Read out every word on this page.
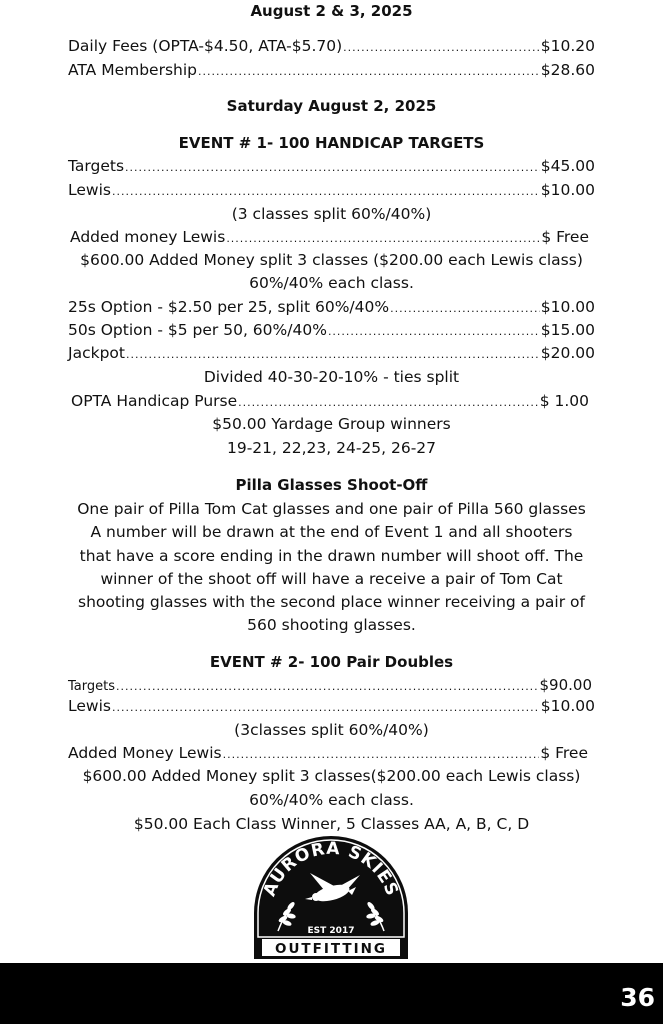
August 2 & 3, 2025
Daily Fees (OPTA-$4.50, ATA-$5.70) .....	$10.20
ATA Membership .....	$28.60
Saturday August 2, 2025
EVENT # 1- 100 HANDICAP TARGETS
Targets .....	$45.00
Lewis .....	$10.00
(3 classes split 60%/40%)
Added money Lewis .....	$ Free
$600.00 Added Money split 3 classes ($200.00 each Lewis class)
60%/40% each class.
25s Option - $2.50 per 25, split 60%/40% .....	$10.00
50s Option - $5 per 50, 60%/40% .....	$15.00
Jackpot .....	$20.00
Divided 40-30-20-10% - ties split
OPTA Handicap Purse .....	$ 1.00
$50.00 Yardage Group winners
19-21, 22,23, 24-25, 26-27
Pilla Glasses Shoot-Off
One pair of Pilla Tom Cat glasses and one pair of Pilla 560 glasses
A number will be drawn at the end of Event 1 and all shooters
that have a score ending in the drawn number will shoot off. The
winner of the shoot off will have a receive a pair of Tom Cat
shooting glasses with the second place winner receiving a pair of
560 shooting glasses.
EVENT # 2- 100 Pair Doubles
Targets .....	$90.00
Lewis .....	$10.00
(3classes split 60%/40%)
Added Money Lewis .....	$ Free
$600.00 Added Money split 3 classes($200.00 each Lewis class)
60%/40% each class.
$50.00 Each Class Winner, 5 Classes AA, A, B, C, D
AURORA SKIES
EST 2017
OUTFITTING
36
